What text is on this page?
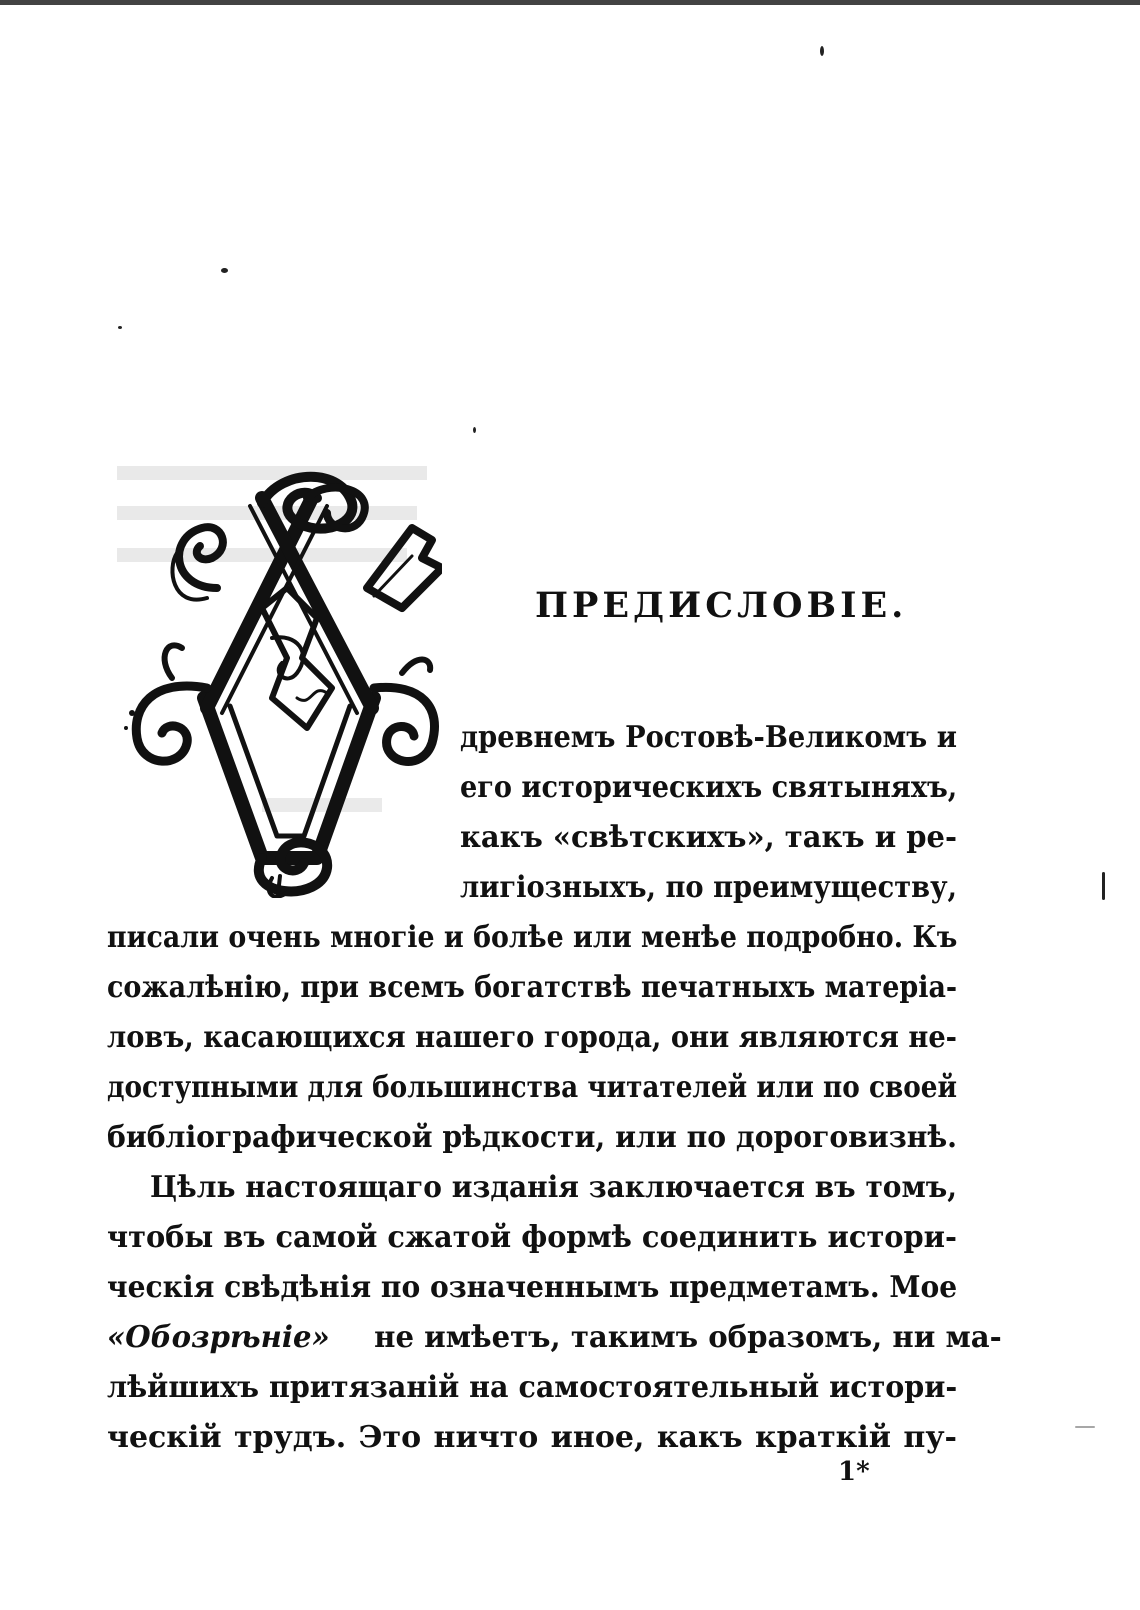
ПРЕДИСЛОВІЕ.
древнемъ Ростовѣ-Великомъ и
его историческихъ святыняхъ,
какъ «свѣтскихъ», такъ и ре-
лигіозныхъ, по преимуществу,
писали очень многіе и болѣе или менѣе подробно. Къ
сожалѣнію, при всемъ богатствѣ печатныхъ матеріа-
ловъ, касающихся нашего города, они являются не-
доступными для большинства читателей или по своей
библіографической рѣдкости, или по дороговизнѣ.
Цѣль настоящаго изданія заключается въ томъ,
чтобы въ самой сжатой формѣ соединить истори-
ческія свѣдѣнія по означеннымъ предметамъ. Мое
«Обозрѣніе» не имѣетъ, такимъ образомъ, ни ма-
лѣйшихъ притязаній на самостоятельный истори-
ческій трудъ. Это ничто иное, какъ краткій пу-
1*
